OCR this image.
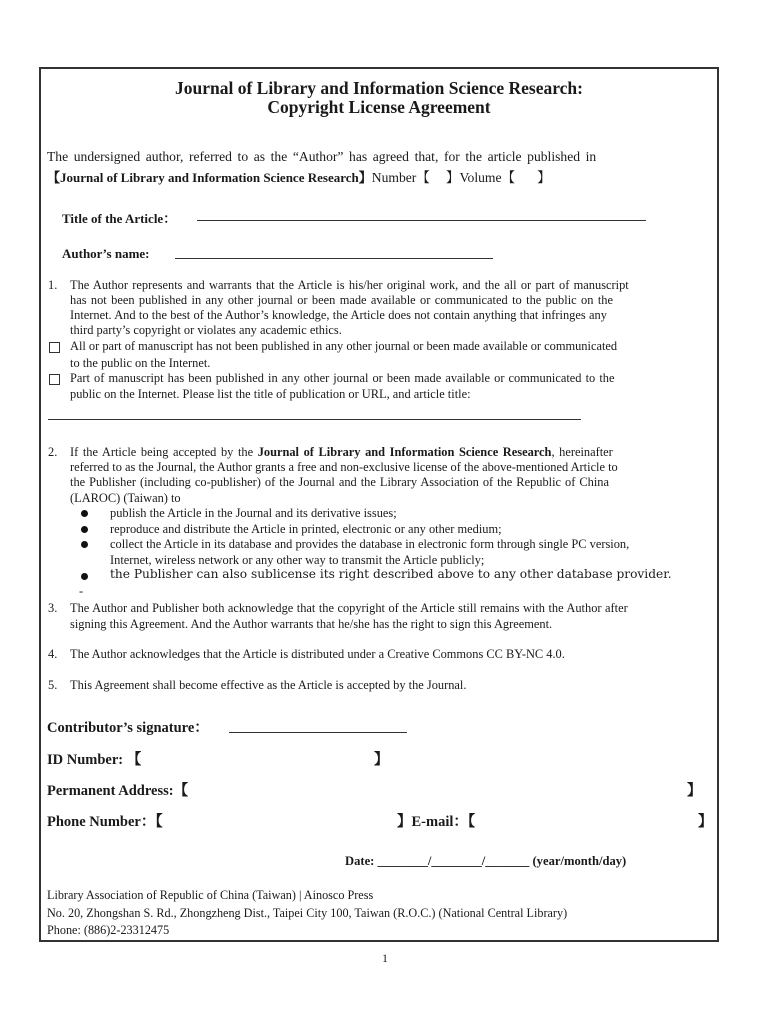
Journal of Library and Information Science Research:
Copyright License Agreement
The undersigned author, referred to as the “Author” has agreed that, for the article published in
【Journal of Library and Information Science Research】Number【 】Volume【 】
Title of the Article：
Author’s name:
1. The Author represents and warrants that the Article is his/her original work, and the all or part of manuscript
has not been published in any other journal or been made available or communicated to the public on the
Internet. And to the best of the Author’s knowledge, the Article does not contain anything that infringes any
third party’s copyright or violates any academic ethics.
All or part of manuscript has not been published in any other journal or been made available or communicated
to the public on the Internet.
Part of manuscript has been published in any other journal or been made available or communicated to the
public on the Internet. Please list the title of publication or URL, and article title:
2. If the Article being accepted by the Journal of Library and Information Science Research, hereinafter
referred to as the Journal, the Author grants a free and non-exclusive license of the above-mentioned Article to
the Publisher (including co-publisher) of the Journal and the Library Association of the Republic of China
(LAROC) (Taiwan) to
publish the Article in the Journal and its derivative issues;
reproduce and distribute the Article in printed, electronic or any other medium;
collect the Article in its database and provides the database in electronic form through single PC version,
Internet, wireless network or any other way to transmit the Article publicly;
the Publisher can also sublicense its right described above to any other database provider.
-
3. The Author and Publisher both acknowledge that the copyright of the Article still remains with the Author after
signing this Agreement. And the Author warrants that he/she has the right to sign this Agreement.
4. The Author acknowledges that the Article is distributed under a Creative Commons CC BY-NC 4.0.
5. This Agreement shall become effective as the Article is accepted by the Journal.
Contributor’s signature：
ID Number: 【	】
Permanent Address:【	】
Phone Number：【	】E-mail：【	】
Date: ________/________/_______ (year/month/day)
Library Association of Republic of China (Taiwan) | Ainosco Press
No. 20, Zhongshan S. Rd., Zhongzheng Dist., Taipei City 100, Taiwan (R.O.C.) (National Central Library)
Phone: (886)2-23312475
1
